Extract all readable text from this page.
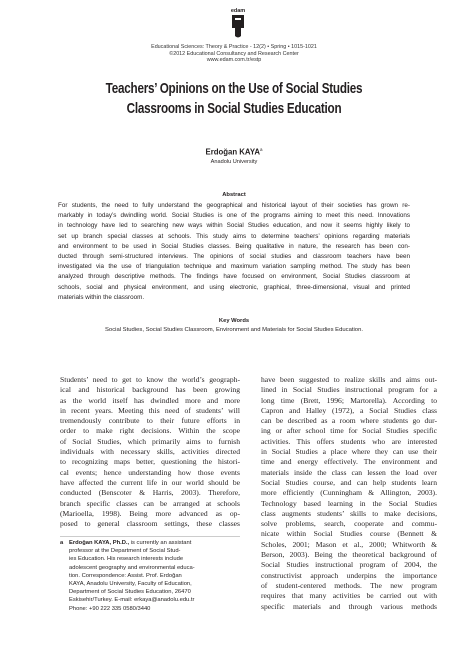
edam
Educational Sciences: Theory & Practice - 12(2) • Spring • 1015-1021
©2012 Educational Consultancy and Research Center
www.edam.com.tr/estp
Teachers’ Opinions on the Use of Social Studies
Classrooms in Social Studies Education
Erdoğan KAYA$^a$
Anadolu University
Abstract
For students, the need to fully understand the geographical and historical layout of their societies has grown re-
markably in today’s dwindling world. Social Studies is one of the programs aiming to meet this need. Innovations
in technology have led to searching new ways within Social Studies education, and now it seems highly likely to
set up branch special classes at schools. This study aims to determine teachers’ opinions regarding materials
and environment to be used in Social Studies classes. Being qualitative in nature, the research has been con-
ducted through semi-structured interviews. The opinions of social studies and classroom teachers have been
investigated via the use of triangulation technique and maximum variation sampling method. The study has been
analyzed through descriptive methods. The findings have focused on environment, Social Studies classroom at
schools, social and physical environment, and using electronic, graphical, three-dimensional, visual and printed
materials within the classroom.
Key Words
Social Studies, Social Studies Classroom, Environment and Materials for Social Studies Education.
Students’ need to get to know the world’s geograph-
ical and historical background has been growing
as the world itself has dwindled more and more
in recent years. Meeting this need of students’ will
tremendously contribute to their future efforts in
order to make right decisions. Within the scope
of Social Studies, which primarily aims to furnish
individuals with necessary skills, activities directed
to recognizing maps better, questioning the histori-
cal events; hence understanding how those events
have affected the current life in our world should be
conducted (Benscoter & Harris, 2003). Therefore,
branch specific classes can be arranged at schools
(Marioella, 1998). Being more advanced as op-
posed to general classroom settings, these classes
a Erdoğan KAYA, Ph.D., is currently an assistant
professor at the Department of Social Stud-
ies Education. His research interests include
adolescent geography and environmental educa-
tion. Correspondence: Assist. Prof. Erdoğan
KAYA, Anadolu University, Faculty of Education,
Department of Social Studies Education, 26470
Eskisehir/Turkey. E-mail: erkaya@anadolu.edu.tr
Phone: +90 222 335 0580/3440
have been suggested to realize skills and aims out-
lined in Social Studies instructional program for a
long time (Brett, 1996; Martorella). According to
Capron and Halley (1972), a Social Studies class
can be described as a room where students go dur-
ing or after school time for Social Studies specific
activities. This offers students who are interested
in Social Studies a place where they can use their
time and energy effectively. The environment and
materials inside the class can lessen the load over
Social Studies course, and can help students learn
more efficiently (Cunningham & Allington, 2003).
Technology based learning in the Social Studies
class augments students’ skills to make decisions,
solve problems, search, cooperate and commu-
nicate within Social Studies course (Bennett &
Scholes, 2001; Mason et al., 2000; Whitworth &
Berson, 2003). Being the theoretical background of
Social Studies instructional program of 2004, the
constructivist approach underpins the importance
of student-centered methods. The new program
requires that many activities be carried out with
specific materials and through various methods
